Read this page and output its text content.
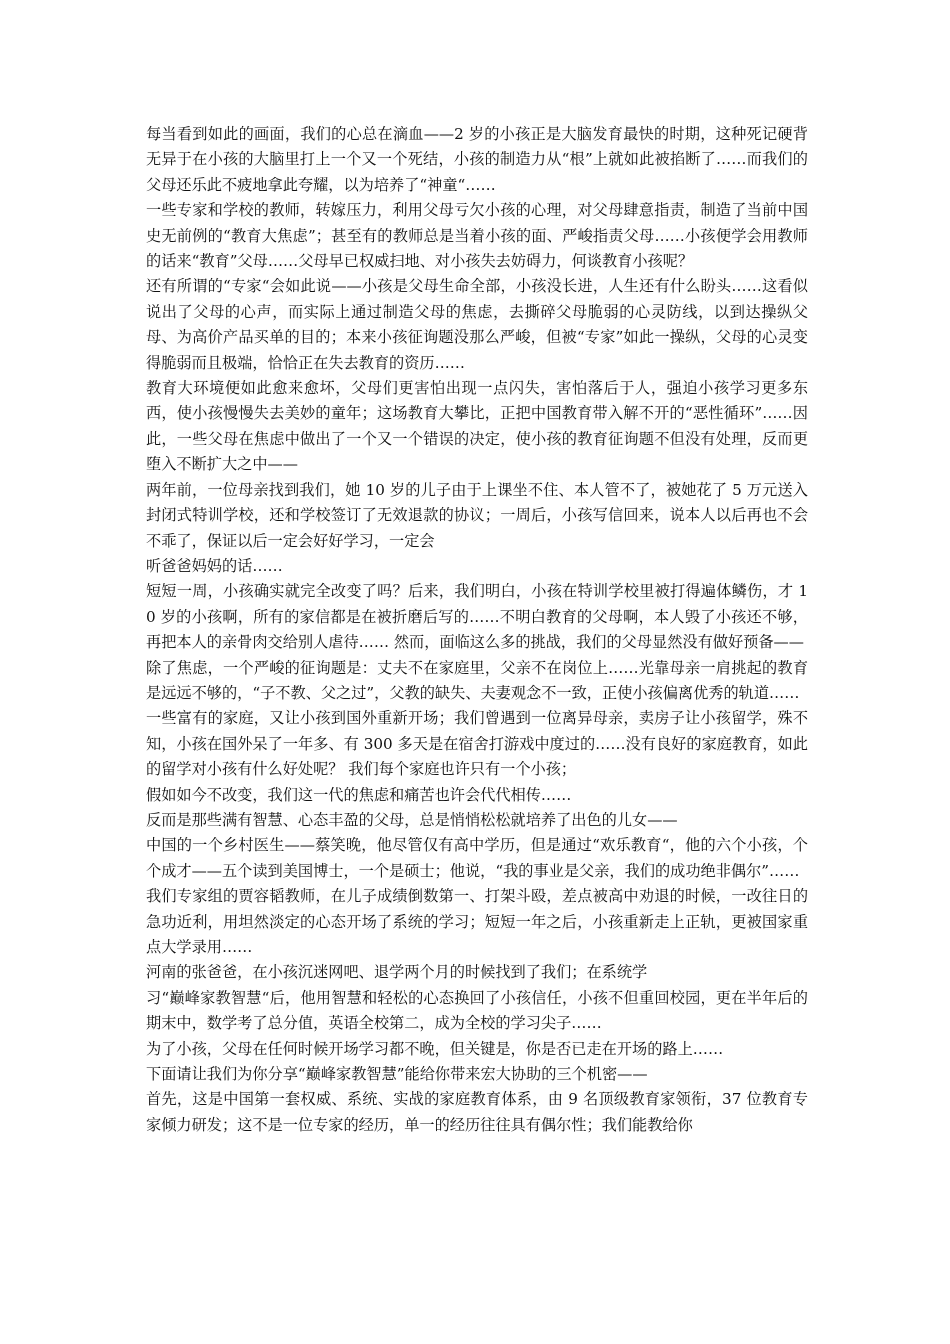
每当看到如此的画面，我们的心总在滴血——2 岁的小孩正是大脑发育最快的时期，这种死记硬背无异于在小孩的大脑里打上一个又一个死结，小孩的制造力从“根”上就如此被掐断了……而我们的父母还乐此不疲地拿此夸耀，以为培养了“神童“……

一些专家和学校的教师，转嫁压力，利用父母亏欠小孩的心理，对父母肆意指责，制造了当前中国史无前例的“教育大焦虑”；甚至有的教师总是当着小孩的面、严峻指责父母……小孩便学会用教师的话来“教育”父母……父母早已权威扫地、对小孩失去妨碍力，何谈教育小孩呢？

还有所谓的“专家“会如此说——小孩是父母生命全部，小孩没长进，人生还有什么盼头……这看似 说出了父母的心声，而实际上通过制造父母的焦虑，去撕碎父母脆弱的心灵防线，以到达操纵父母、为高价产品买单的目的；本来小孩征询题没那么严峻，但被“专家”如此一操纵，父母的心灵变得脆弱而且极端，恰恰正在失去教育的资历……

教育大环境便如此愈来愈坏，父母们更害怕出现一点闪失，害怕落后于人，强迫小孩学习更多东西，使小孩慢慢失去美妙的童年；这场教育大攀比，正把中国教育带入解不开的“恶性循环”……因此，一些父母在焦虑中做出了一个又一个错误的决定，使小孩的教育征询题不但没有处理，反而更堕入不断扩大之中——

两年前，一位母亲找到我们，她 10 岁的儿子由于上课坐不住、本人管不了，被她花了 5 万元送入封闭式特训学校，还和学校签订了无效退款的协议；一周后，小孩写信回来，说本人以后再也不会不乖了，保证以后一定会好好学习，一定会

听爸爸妈妈的话……

短短一周，小孩确实就完全改变了吗？后来，我们明白，小孩在特训学校里被打得遍体鳞伤，才 10 岁的小孩啊，所有的家信都是在被折磨后写的……不明白教育的父母啊，本人毁了小孩还不够，再把本人的亲骨肉交给别人虐待…… 然而，面临这么多的挑战，我们的父母显然没有做好预备——

除了焦虑，一个严峻的征询题是：丈夫不在家庭里，父亲不在岗位上……光靠母亲一肩挑起的教育是远远不够的，“子不教、父之过”，父教的缺失、夫妻观念不一致，正使小孩偏离优秀的轨道……

一些富有的家庭，又让小孩到国外重新开场；我们曾遇到一位离异母亲，卖房子让小孩留学，殊不知，小孩在国外呆了一年多、有 300 多天是在宿舍打游戏中度过的……没有良好的家庭教育，如此的留学对小孩有什么好处呢？ 我们每个家庭也许只有一个小孩；

假如如今不改变，我们这一代的焦虑和痛苦也许会代代相传……

反而是那些满有智慧、心态丰盈的父母，总是悄悄松松就培养了出色的儿女——

中国的一个乡村医生——蔡笑晚，他尽管仅有高中学历，但是通过“欢乐教育“，他的六个小孩，个个成才——五个读到美国博士，一个是硕士；他说，“我的事业是父亲，我们的成功绝非偶尔”……

我们专家组的贾容韬教师，在儿子成绩倒数第一、打架斗殴，差点被高中劝退的时候，一改往日的急功近利，用坦然淡定的心态开场了系统的学习；短短一年之后，小孩重新走上正轨，更被国家重点大学录用……

河南的张爸爸，在小孩沉迷网吧、退学两个月的时候找到了我们；在系统学

习“巅峰家教智慧“后，他用智慧和轻松的心态换回了小孩信任，小孩不但重回校园，更在半年后的期末中，数学考了总分值，英语全校第二，成为全校的学习尖子……

为了小孩，父母在任何时候开场学习都不晚，但关键是，你是否已走在开场的路上……

下面请让我们为你分享“巅峰家教智慧”能给你带来宏大协助的三个机密——

首先，这是中国第一套权威、系统、实战的家庭教育体系，由 9 名顶级教育家领衔，37 位教育专家倾力研发；这不是一位专家的经历，单一的经历往往具有偶尔性；我们能教给你
